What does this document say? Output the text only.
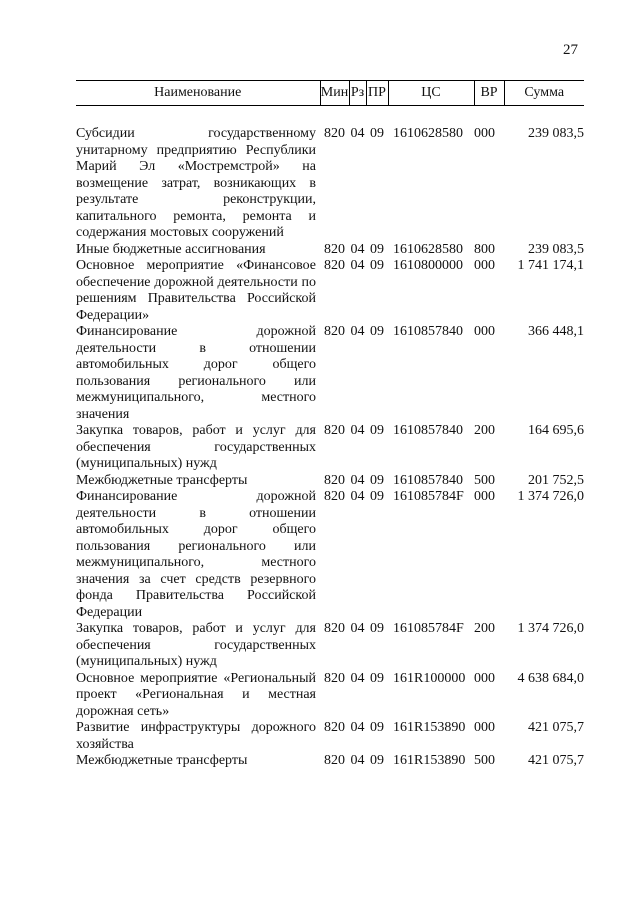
27
Наименование	Мин	Рз	ПР	ЦС	ВР	Сумма
Субсидии государственному унитарному предприятию Республики Марий Эл «Мостремстрой» на возмещение затрат, возникающих в результате реконструкции, капитального ремонта, ремонта и содержания мостовых сооружений	820	04	09	1610628580	000	239 083,5
Иные бюджетные ассигнования	820	04	09	1610628580	800	239 083,5
Основное мероприятие «Финансовое обеспечение дорожной деятельности по решениям Правительства Российской Федерации»	820	04	09	1610800000	000	1 741 174,1
Финансирование дорожной деятельности в отношении автомобильных дорог общего пользования регионального или межмуниципального, местного значения	820	04	09	1610857840	000	366 448,1
Закупка товаров, работ и услуг для обеспечения государственных (муниципальных) нужд	820	04	09	1610857840	200	164 695,6
Межбюджетные трансферты	820	04	09	1610857840	500	201 752,5
Финансирование дорожной деятельности в отношении автомобильных дорог общего пользования регионального или межмуниципального, местного значения за счет средств резервного фонда Правительства Российской Федерации	820	04	09	161085784F	000	1 374 726,0
Закупка товаров, работ и услуг для обеспечения государственных (муниципальных) нужд	820	04	09	161085784F	200	1 374 726,0
Основное мероприятие «Региональный проект «Региональная и местная дорожная сеть»	820	04	09	161R100000	000	4 638 684,0
Развитие инфраструктуры дорожного хозяйства	820	04	09	161R153890	000	421 075,7
Межбюджетные трансферты	820	04	09	161R153890	500	421 075,7
